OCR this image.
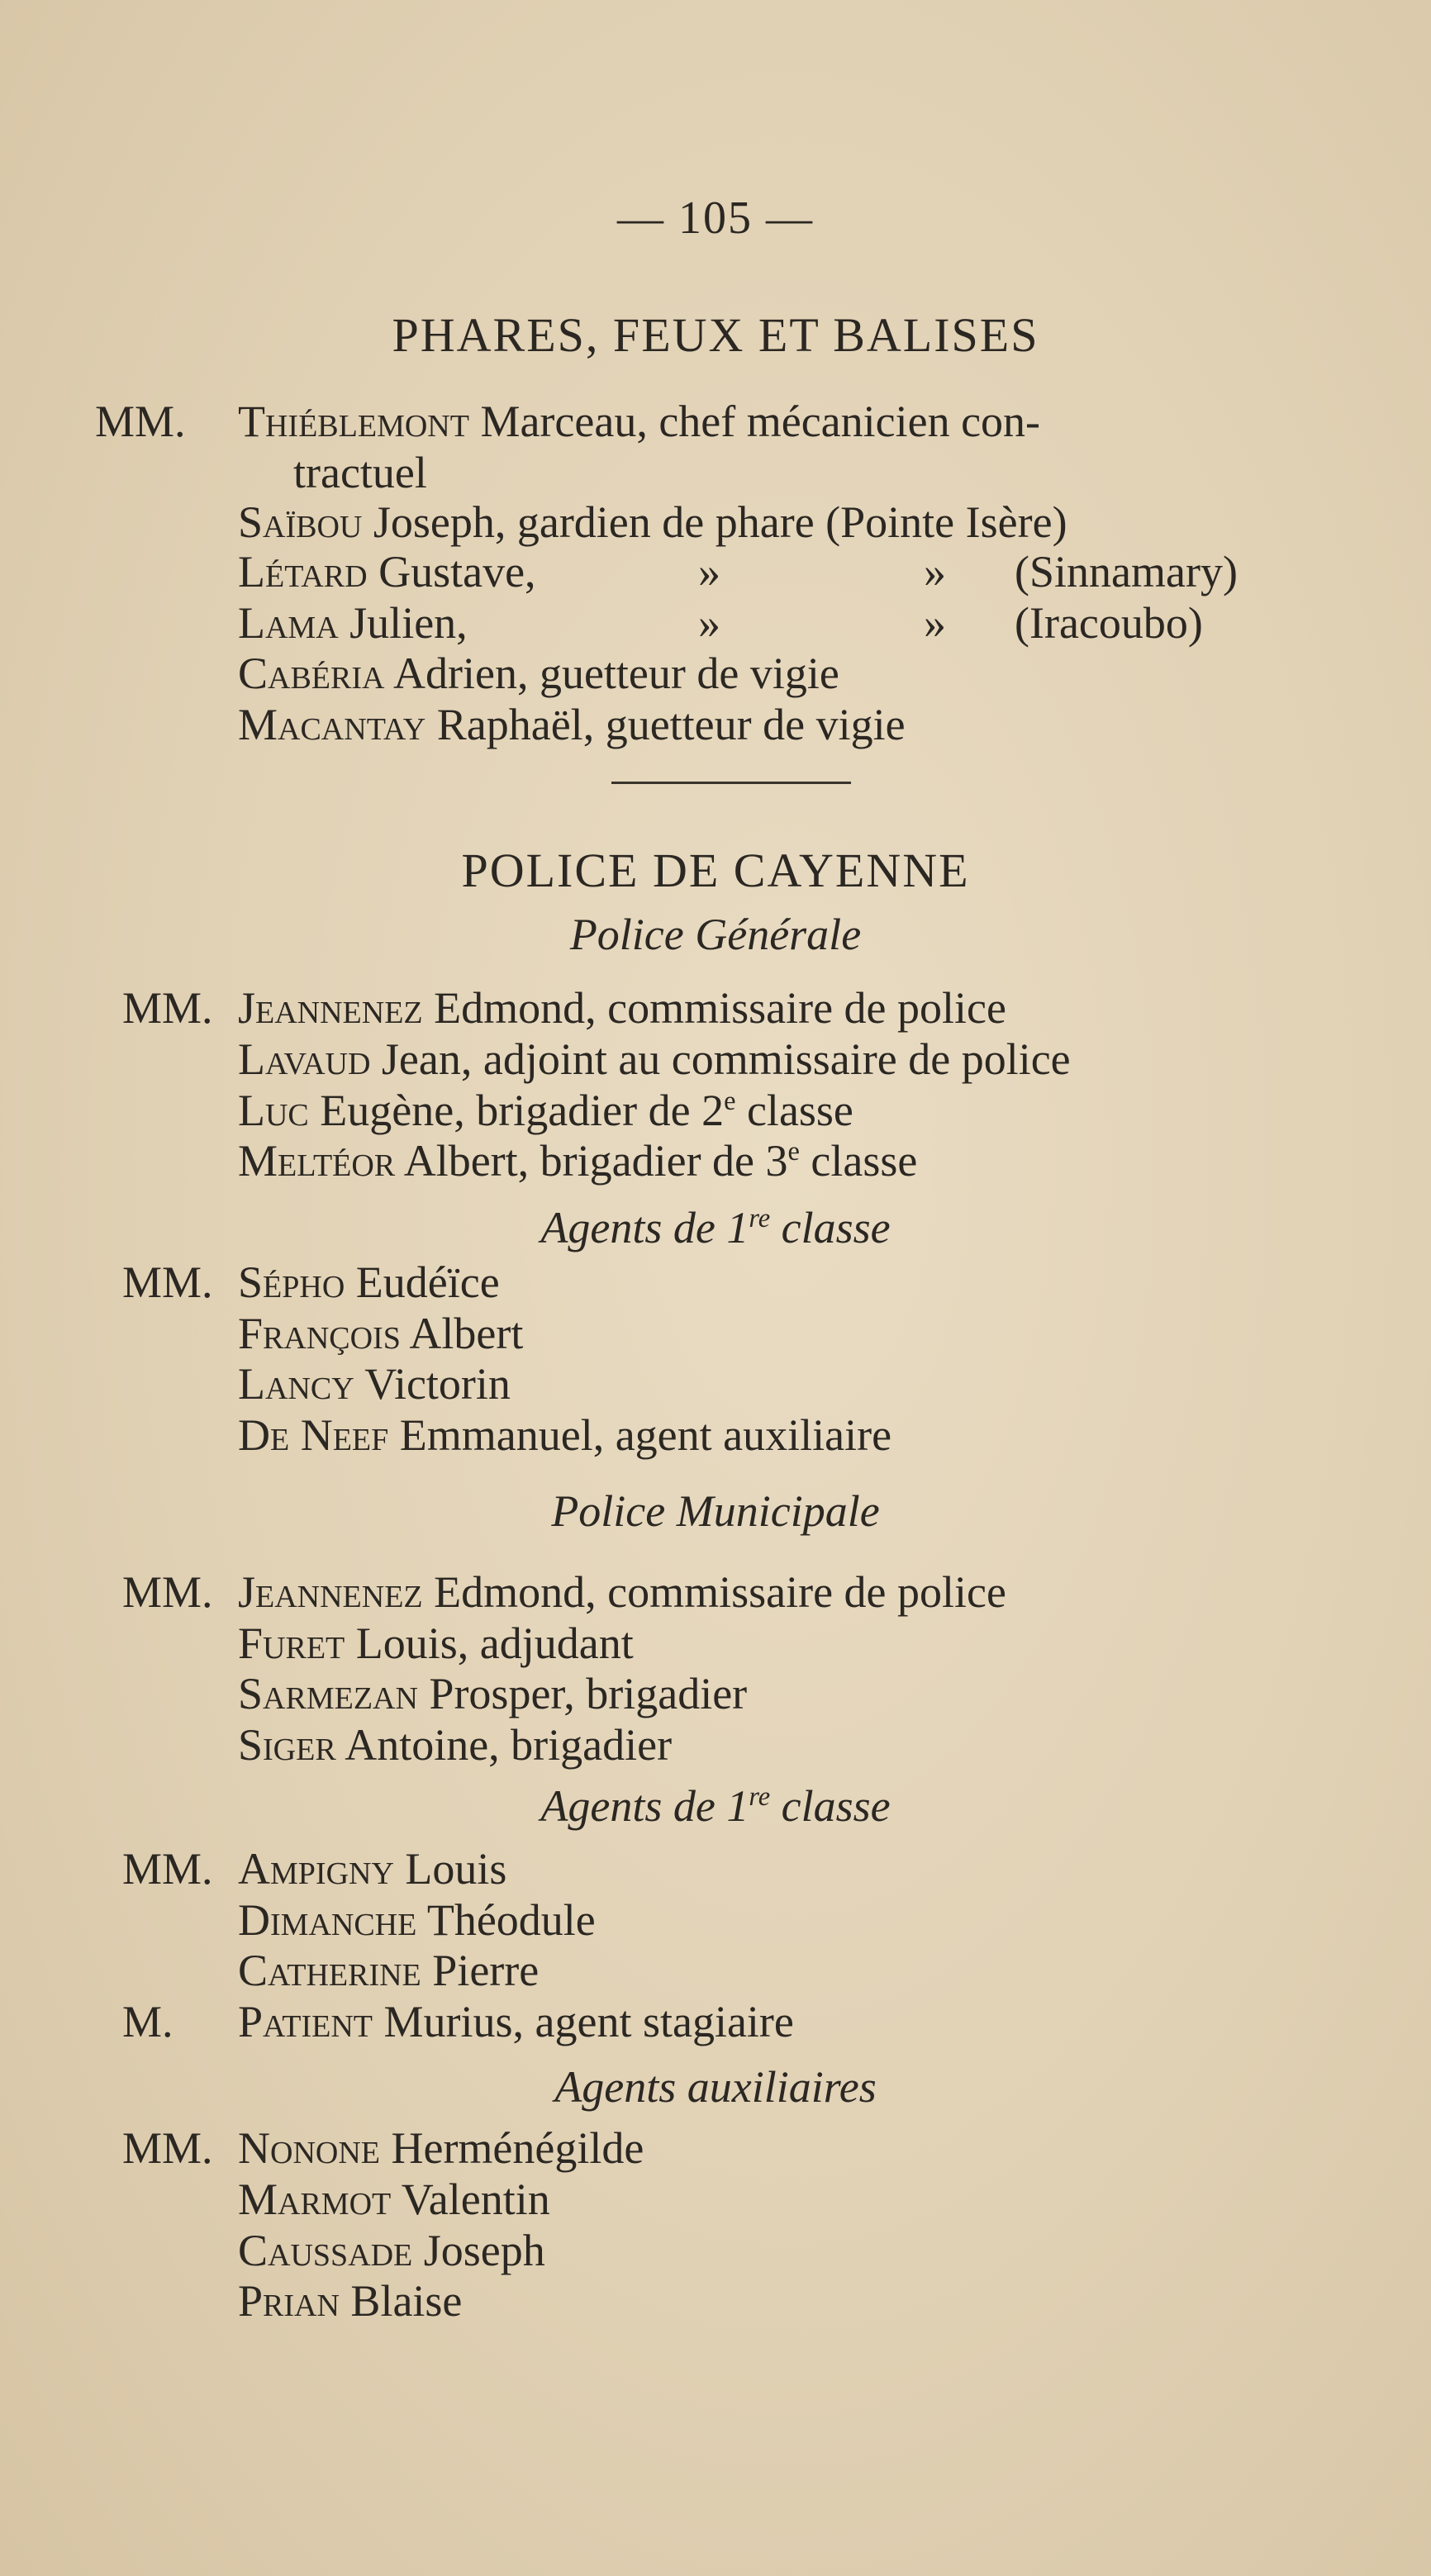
— 105 —
PHARES, FEUX ET BALISES
MM.	Thiéblemont Marceau, chef mécanicien con-
tractuel
Saïbou Joseph, gardien de phare (Pointe Isère)
Létard Gustave,	»	» (Sinnamary)
Lama Julien,	»	» (Iracoubo)
Cabéria Adrien, guetteur de vigie
Macantay Raphaël, guetteur de vigie
POLICE DE CAYENNE
Police Générale
MM. Jeannenez Edmond, commissaire de police
Lavaud Jean, adjoint au commissaire de police
Luc Eugène, brigadier de 2e classe
Meltéor Albert, brigadier de 3e classe
Agents de 1re classe
MM. Sépho Eudéïce
François Albert
Lancy Victorin
De Neef Emmanuel, agent auxiliaire
Police Municipale
MM. Jeannenez Edmond, commissaire de police
Furet Louis, adjudant
Sarmezan Prosper, brigadier
Siger Antoine, brigadier
Agents de 1re classe
MM. Ampigny Louis
Dimanche Théodule
Catherine Pierre
M.	Patient Murius, agent stagiaire
Agents auxiliaires
MM. Nonone Herménégilde
Marmot Valentin
Caussade Joseph
Prian Blaise
